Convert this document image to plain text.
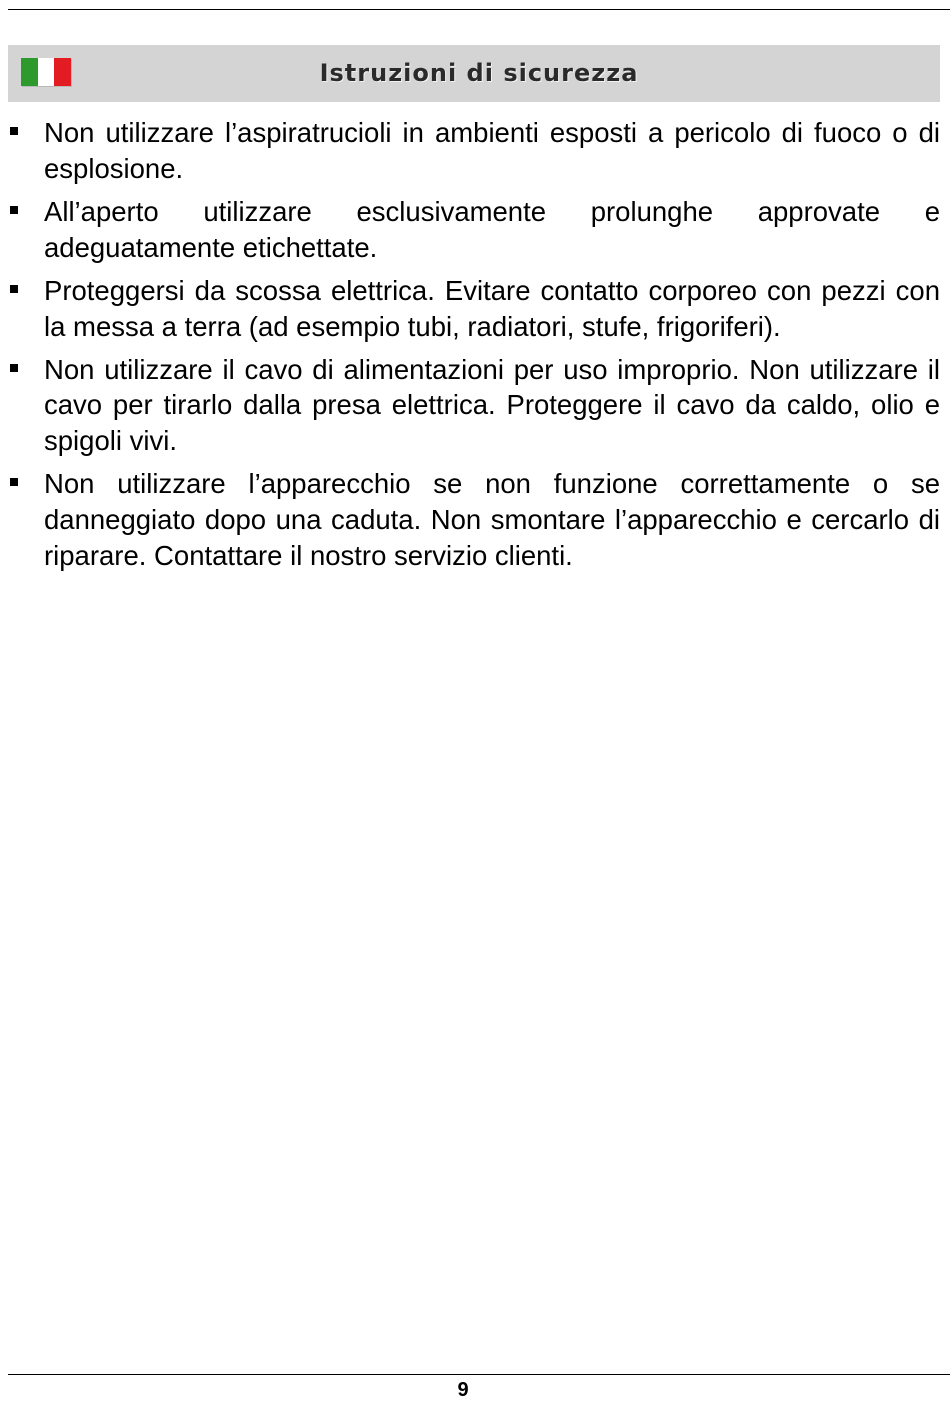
Istruzioni di sicurezza
Non utilizzare l’aspiratrucioli in ambienti esposti a pericolo di fuoco o di esplosione.
All’aperto utilizzare esclusivamente prolunghe approvate e adeguatamente etichettate.
Proteggersi da scossa elettrica. Evitare contatto corporeo con pezzi con la messa a terra (ad esempio tubi, radiatori, stufe, frigoriferi).
Non utilizzare il cavo di alimentazioni per uso improprio. Non utilizzare il cavo per tirarlo dalla presa elettrica. Proteggere il cavo da caldo, olio e spigoli vivi.
Non utilizzare l’apparecchio se non funzione correttamente o se danneggiato dopo una caduta. Non smontare l’apparecchio e cercarlo di riparare. Contattare il nostro servizio clienti.
9
